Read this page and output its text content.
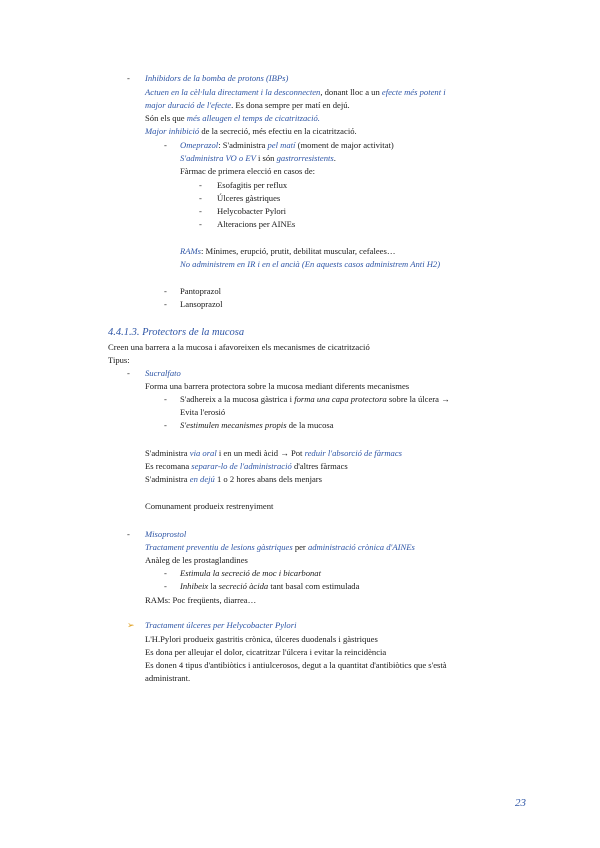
- Inhibidors de la bomba de protons (IBPs)
Actuen en la cèl·lula directament i la desconnecten, donant lloc a un efecte més potent i
major duració de l'efecte. Es dona sempre per matí en dejú.
Són els que més alleugen el temps de cicatrització.
Major inhibició de la secreció, més efectiu en la cicatrització.
- Omeprazol: S'administra pel matí (moment de major activitat)
S'administra VO o EV i són gastrorresistents.
Fàrmac de primera elecció en casos de:
- Esofagitis per reflux
- Úlceres gàstriques
- Helycobacter Pylori
- Alteracions per AINEs
RAMs: Mínimes, erupció, prutit, debilitat muscular, cefalees…
No administrem en IR i en el ancià (En aquests casos administrem Anti H2)
- Pantoprazol
- Lansoprazol
4.4.1.3. Protectors de la mucosa
Creen una barrera a la mucosa i afavoreixen els mecanismes de cicatrització
Tipus:
- Sucralfato
Forma una barrera protectora sobre la mucosa mediant diferents mecanismes
- S'adhereix a la mucosa gàstrica i forma una capa protectora sobre la úlcera →
Evita l'erosió
- S'estimulen mecanismes propis de la mucosa
S'administra via oral i en un medi àcid → Pot reduir l'absorció de fàrmacs
Es recomana separar-lo de l'administració d'altres fàrmacs
S'administra en dejú 1 o 2 hores abans dels menjars
Comunament produeix restrenyiment
- Misoprostol
Tractament preventiu de lesions gàstriques per administració crònica d'AINEs
Anàleg de les prostaglandines
- Estimula la secreció de moc i bicarbonat
- Inhibeix la secreció àcida tant basal com estimulada
RAMs: Poc freqüents, diarrea…
➢ Tractament úlceres per Helycobacter Pylori
L'H.Pylori produeix gastritis crònica, úlceres duodenals i gàstriques
Es dona per alleujar el dolor, cicatritzar l'úlcera i evitar la reincidència
Es donen 4 tipus d'antibiòtics i antiulcerosos, degut a la quantitat d'antibiòtics que s'està
administrant.
23
